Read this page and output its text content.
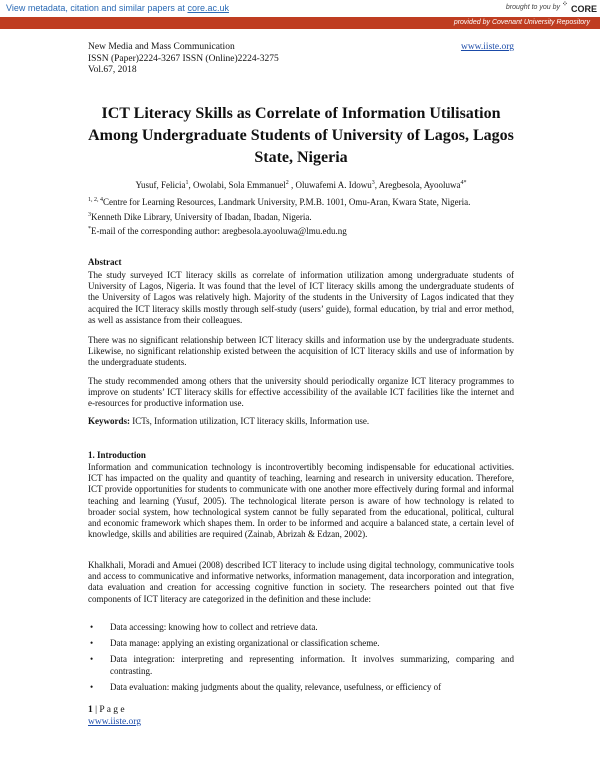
View metadata, citation and similar papers at core.ac.uk	brought to you by ⁘ CORE
provided by Covenant University Repository
New Media and Mass Communication
ISSN (Paper)2224-3267 ISSN (Online)2224-3275
Vol.67, 2018
www.iiste.org
ICT Literacy Skills as Correlate of Information Utilisation Among Undergraduate Students of University of Lagos, Lagos State, Nigeria
Yusuf, Felicia$^1$, Owolabi, Sola Emmanuel$^2$ , Oluwafemi A. Idowu$^3$, Aregbesola, Ayooluwa$^{4*}$
$^{1, 2, 4}$Centre for Learning Resources, Landmark University, P.M.B. 1001, Omu-Aran, Kwara State, Nigeria.
$^3$Kenneth Dike Library, University of Ibadan, Ibadan, Nigeria.
*E-mail of the corresponding author: aregbesola.ayooluwa@lmu.edu.ng
Abstract
The study surveyed ICT literacy skills as correlate of information utilization among undergraduate students of University of Lagos, Nigeria. It was found that the level of ICT literacy skills among the undergraduate students of the University of Lagos was relatively high. Majority of the students in the University of Lagos indicated that they acquired the ICT literacy skills mostly through self-study (users’ guide), formal education, by trial and error method, as well as assistance from their colleagues.
There was no significant relationship between ICT literacy skills and information use by the undergraduate students. Likewise, no significant relationship existed between the acquisition of ICT literacy skills and use of information by the undergraduate students.
The study recommended among others that the university should periodically organize ICT literacy programmes to improve on students’ ICT literacy skills for effective accessibility of the available ICT facilities like the internet and e-resources for productive information use.
Keywords: ICTs, Information utilization, ICT literacy skills, Information use.
1. Introduction
Information and communication technology is incontrovertibly becoming indispensable for educational activities. ICT has impacted on the quality and quantity of teaching, learning and research in university education. Therefore, ICT provide opportunities for students to communicate with one another more effectively during formal and informal teaching and learning (Yusuf, 2005). The technological literate person is aware of how technology is related to broader social system, how technological system cannot be fully separated from the educational, political, cultural and economic framework which shapes them. In order to be informed and acquire a balanced state, a certain level of knowledge, skills and abilities are required (Zainab, Abrizah & Edzan, 2002).
Khalkhali, Moradi and Amuei (2008) described ICT literacy to include using digital technology, communicative tools and access to communicative and informative networks, information management, data incorporation and integration, data evaluation and creation for accessing cognitive function in society. The researchers pointed out that five components of ICT literacy are categorized in the definition and these include:
• Data accessing: knowing how to collect and retrieve data.
• Data manage: applying an existing organizational or classification scheme.
• Data integration: interpreting and representing information. It involves summarizing, comparing and contrasting.
• Data evaluation: making judgments about the quality, relevance, usefulness, or efficiency of
1 | P a g e
www.iiste.org
